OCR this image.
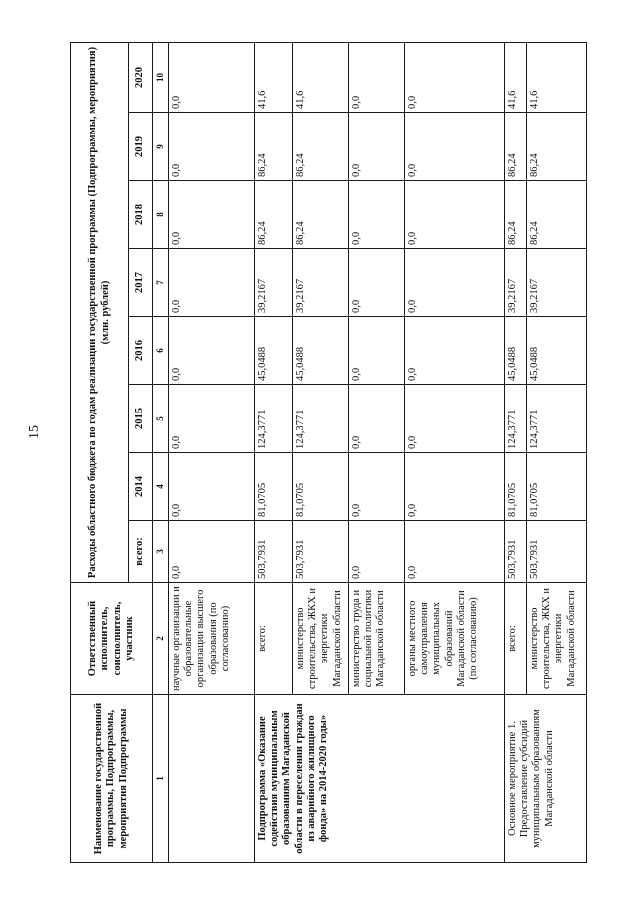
15
Наименование государственной программы, Подпрограммы, мероприятия Подпрограммы	Ответственный исполнитель, соисполнитель, участник	Расходы областного бюджета по годам реализации государственной программы (Подпрограммы, мероприятия) (млн. рублей)							
		всего:	2014	2015	2016	2017	2018	2019	2020
1	2	3	4	5	6	7	8	9	10
	научные организации и образовательные организации высшего образования (по согласованию)	0,0	0,0	0,0	0,0	0,0	0,0	0,0	0,0
Подпрограмма «Оказание содействия муниципальным образованиям Магаданской области в переселении граждан из аварийного жилищного фонда» на 2014-2020 годы»	всего:	503,7931	81,0705	124,3771	45,0488	39,2167	86,24	86,24	41,6
	министерство строительства, ЖКХ и энергетики Магаданской области	503,7931	81,0705	124,3771	45,0488	39,2167	86,24	86,24	41,6
	министерство труда и социальной политики Магаданской области	0,0	0,0	0,0	0,0	0,0	0,0	0,0	0,0
	органы местного самоуправления муниципальных образований Магаданской области (по согласованию)	0,0	0,0	0,0	0,0	0,0	0,0	0,0	0,0
Основное мероприятие 1. Предоставление субсидий муниципальным образованиям Магаданской области	всего:	503,7931	81,0705	124,3771	45,0488	39,2167	86,24	86,24	41,6
	министерство строительства, ЖКХ и энергетики Магаданской области	503,7931	81,0705	124,3771	45,0488	39,2167	86,24	86,24	41,6
